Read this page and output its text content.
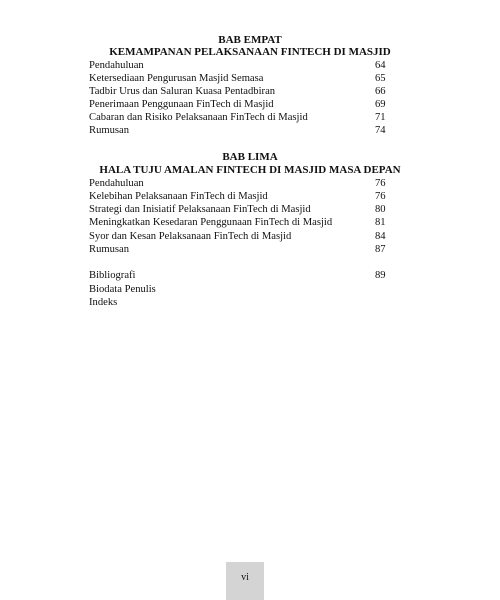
BAB EMPAT
KEMAMPANAN PELAKSANAAN FINTECH DI MASJID
Pendahuluan	64
Ketersediaan Pengurusan Masjid Semasa	65
Tadbir Urus dan Saluran Kuasa Pentadbiran	66
Penerimaan Penggunaan FinTech di Masjid	69
Cabaran dan Risiko Pelaksanaan FinTech di Masjid	71
Rumusan	74
BAB LIMA
HALA TUJU AMALAN FINTECH DI MASJID MASA DEPAN
Pendahuluan	76
Kelebihan Pelaksanaan FinTech di Masjid	76
Strategi dan Inisiatif Pelaksanaan FinTech di Masjid	80
Meningkatkan Kesedaran Penggunaan FinTech di Masjid	81
Syor dan Kesan Pelaksanaan FinTech di Masjid	84
Rumusan	87
Bibliografi	89
Biodata Penulis
Indeks
vi
